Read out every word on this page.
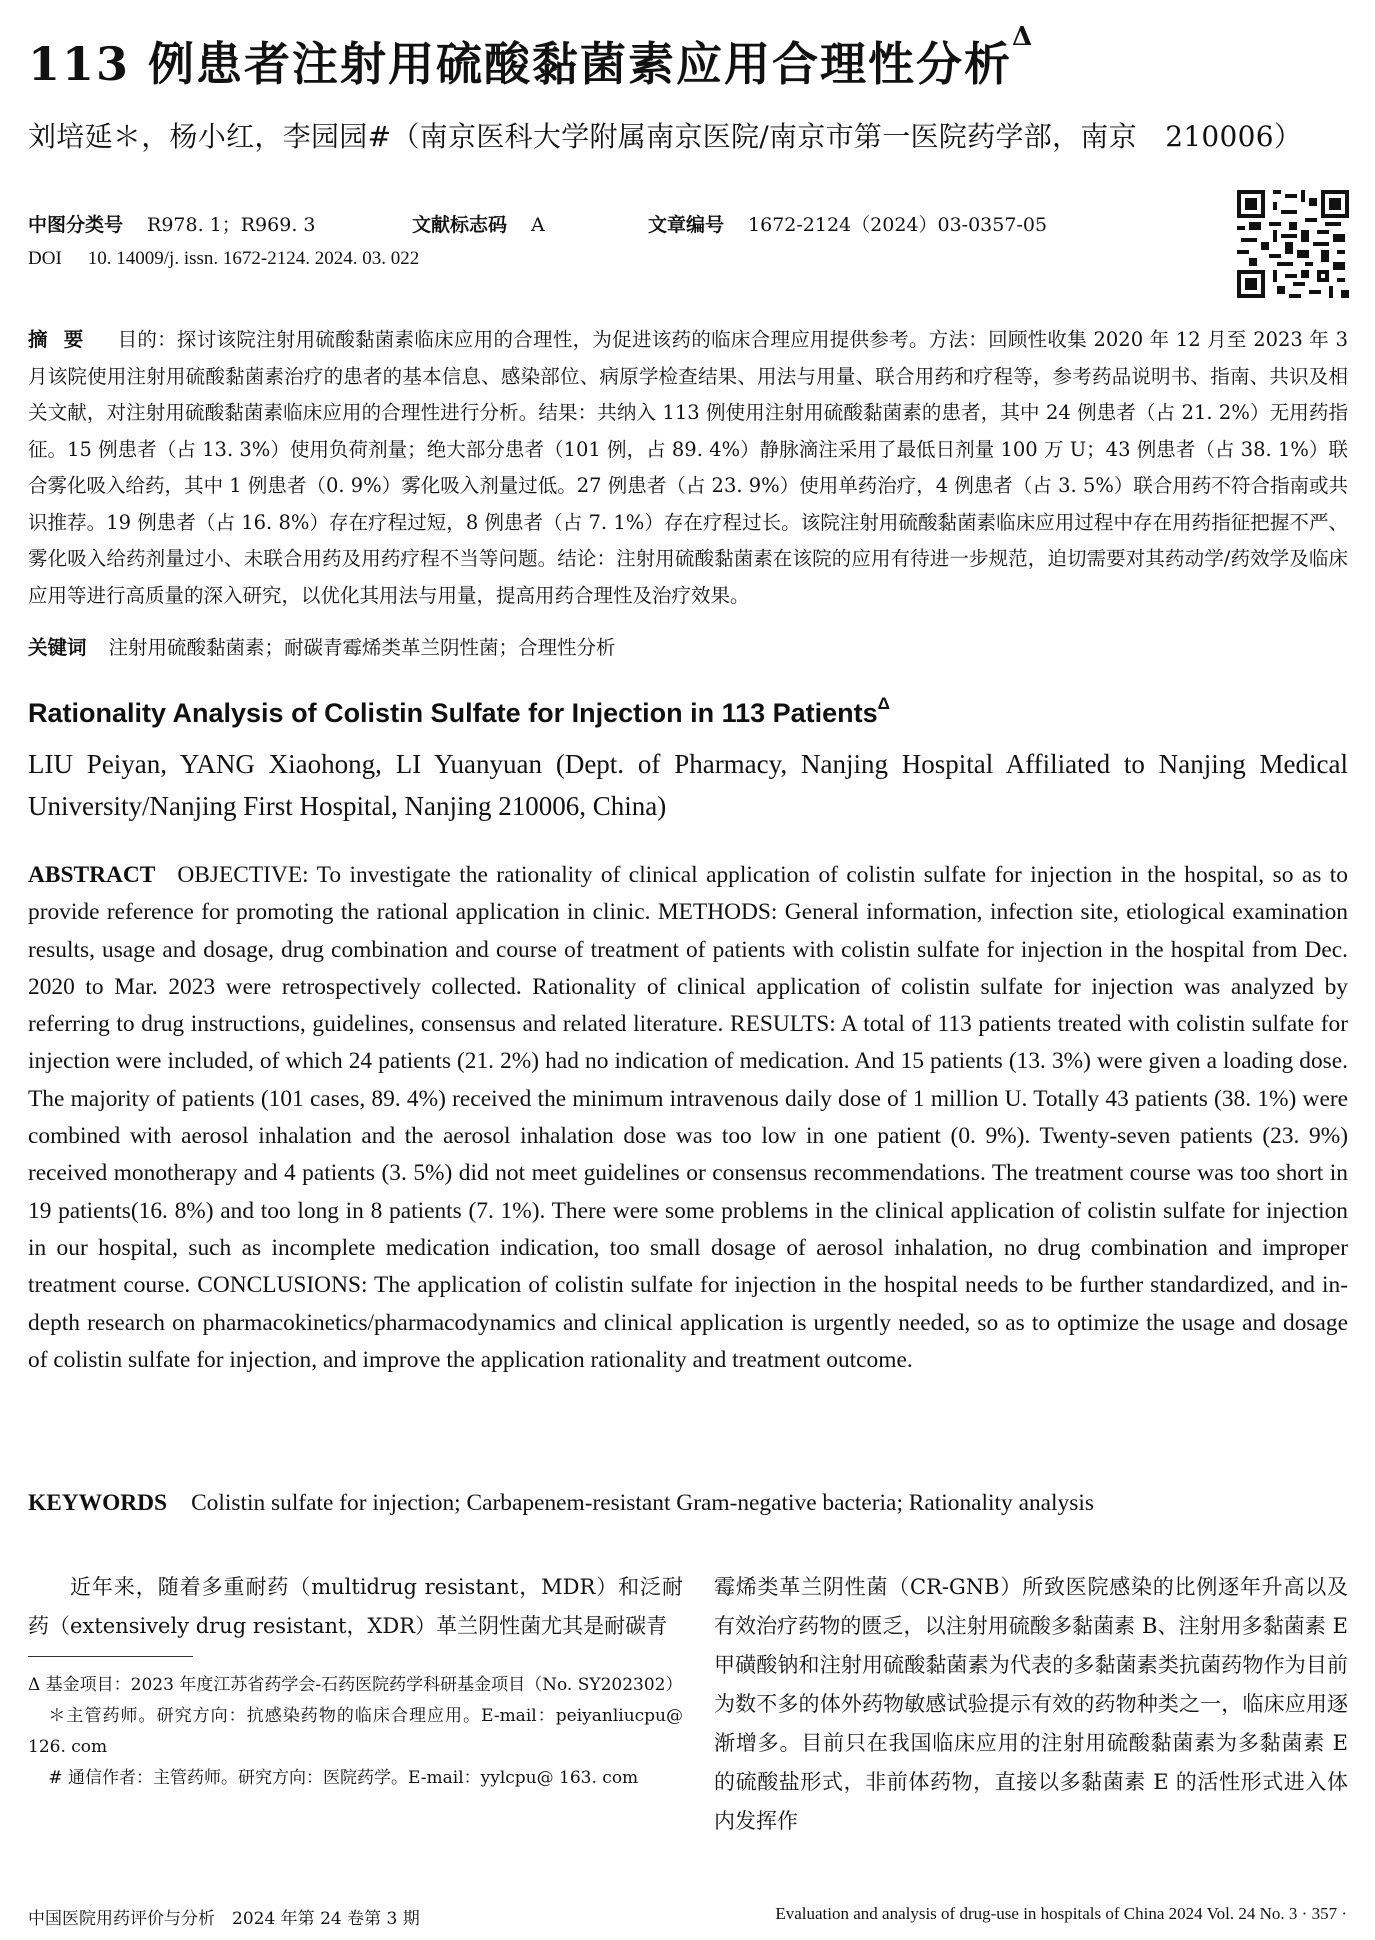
113 例患者注射用硫酸黏菌素应用合理性分析$^\Delta$
刘培延＊，杨小红，李园园#（南京医科大学附属南京医院/南京市第一医院药学部，南京　210006）
中图分类号 R978. 1；R969. 3	文献标志码 A	文章编号 1672-2124（2024）03-0357-05
DOI 10. 14009/j. issn. 1672-2124. 2024. 03. 022
摘要 目的：探讨该院注射用硫酸黏菌素临床应用的合理性，为促进该药的临床合理应用提供参考。方法：回顾性收集 2020 年 12 月至 2023 年 3 月该院使用注射用硫酸黏菌素治疗的患者的基本信息、感染部位、病原学检查结果、用法与用量、联合用药和疗程等，参考药品说明书、指南、共识及相关文献，对注射用硫酸黏菌素临床应用的合理性进行分析。结果：共纳入 113 例使用注射用硫酸黏菌素的患者，其中 24 例患者（占 21. 2%）无用药指征。15 例患者（占 13. 3%）使用负荷剂量；绝大部分患者（101 例，占 89. 4%）静脉滴注采用了最低日剂量 100 万 U；43 例患者（占 38. 1%）联合雾化吸入给药，其中 1 例患者（0. 9%）雾化吸入剂量过低。27 例患者（占 23. 9%）使用单药治疗，4 例患者（占 3. 5%）联合用药不符合指南或共识推荐。19 例患者（占 16. 8%）存在疗程过短，8 例患者（占 7. 1%）存在疗程过长。该院注射用硫酸黏菌素临床应用过程中存在用药指征把握不严、雾化吸入给药剂量过小、未联合用药及用药疗程不当等问题。结论：注射用硫酸黏菌素在该院的应用有待进一步规范，迫切需要对其药动学/药效学及临床应用等进行高质量的深入研究，以优化其用法与用量，提高用药合理性及治疗效果。
关键词 注射用硫酸黏菌素；耐碳青霉烯类革兰阴性菌；合理性分析
Rationality Analysis of Colistin Sulfate for Injection in 113 Patients$^\Delta$
LIU Peiyan, YANG Xiaohong, LI Yuanyuan (Dept. of Pharmacy, Nanjing Hospital Affiliated to Nanjing Medical University/Nanjing First Hospital, Nanjing 210006, China)
ABSTRACT OBJECTIVE: To investigate the rationality of clinical application of colistin sulfate for injection in the hospital, so as to provide reference for promoting the rational application in clinic. METHODS: General information, infection site, etiological examination results, usage and dosage, drug combination and course of treatment of patients with colistin sulfate for injection in the hospital from Dec. 2020 to Mar. 2023 were retrospectively collected. Rationality of clinical application of colistin sulfate for injection was analyzed by referring to drug instructions, guidelines, consensus and related literature. RESULTS: A total of 113 patients treated with colistin sulfate for injection were included, of which 24 patients (21. 2%) had no indication of medication. And 15 patients (13. 3%) were given a loading dose. The majority of patients (101 cases, 89. 4%) received the minimum intravenous daily dose of 1 million U. Totally 43 patients (38. 1%) were combined with aerosol inhalation and the aerosol inhalation dose was too low in one patient (0. 9%). Twenty-seven patients (23. 9%) received monotherapy and 4 patients (3. 5%) did not meet guidelines or consensus recommendations. The treatment course was too short in 19 patients(16. 8%) and too long in 8 patients (7. 1%). There were some problems in the clinical application of colistin sulfate for injection in our hospital, such as incomplete medication indication, too small dosage of aerosol inhalation, no drug combination and improper treatment course. CONCLUSIONS: The application of colistin sulfate for injection in the hospital needs to be further standardized, and in-depth research on pharmacokinetics/pharmacodynamics and clinical application is urgently needed, so as to optimize the usage and dosage of colistin sulfate for injection, and improve the application rationality and treatment outcome.
KEYWORDS Colistin sulfate for injection; Carbapenem-resistant Gram-negative bacteria; Rationality analysis

近年来，随着多重耐药（multidrug resistant，MDR）和泛耐药（extensively drug resistant，XDR）革兰阴性菌尤其是耐碳青

Δ 基金项目：2023 年度江苏省药学会-石药医院药学科研基金项目（No. SY202302）

＊主管药师。研究方向：抗感染药物的临床合理应用。E-mail：peiyanliucpu@ 126. com

# 通信作者：主管药师。研究方向：医院药学。E-mail：yylcpu@ 163. com

霉烯类革兰阴性菌（CR-GNB）所致医院感染的比例逐年升高以及有效治疗药物的匮乏，以注射用硫酸多黏菌素 B、注射用多黏菌素 E 甲磺酸钠和注射用硫酸黏菌素为代表的多黏菌素类抗菌药物作为目前为数不多的体外药物敏感试验提示有效的药物种类之一，临床应用逐渐增多。目前只在我国临床应用的注射用硫酸黏菌素为多黏菌素 E 的硫酸盐形式，非前体药物，直接以多黏菌素 E 的活性形式进入体内发挥作

中国医院用药评价与分析　2024 年第 24 卷第 3 期	Evaluation and analysis of drug-use in hospitals of China 2024 Vol. 24 No. 3 · 357 ·
